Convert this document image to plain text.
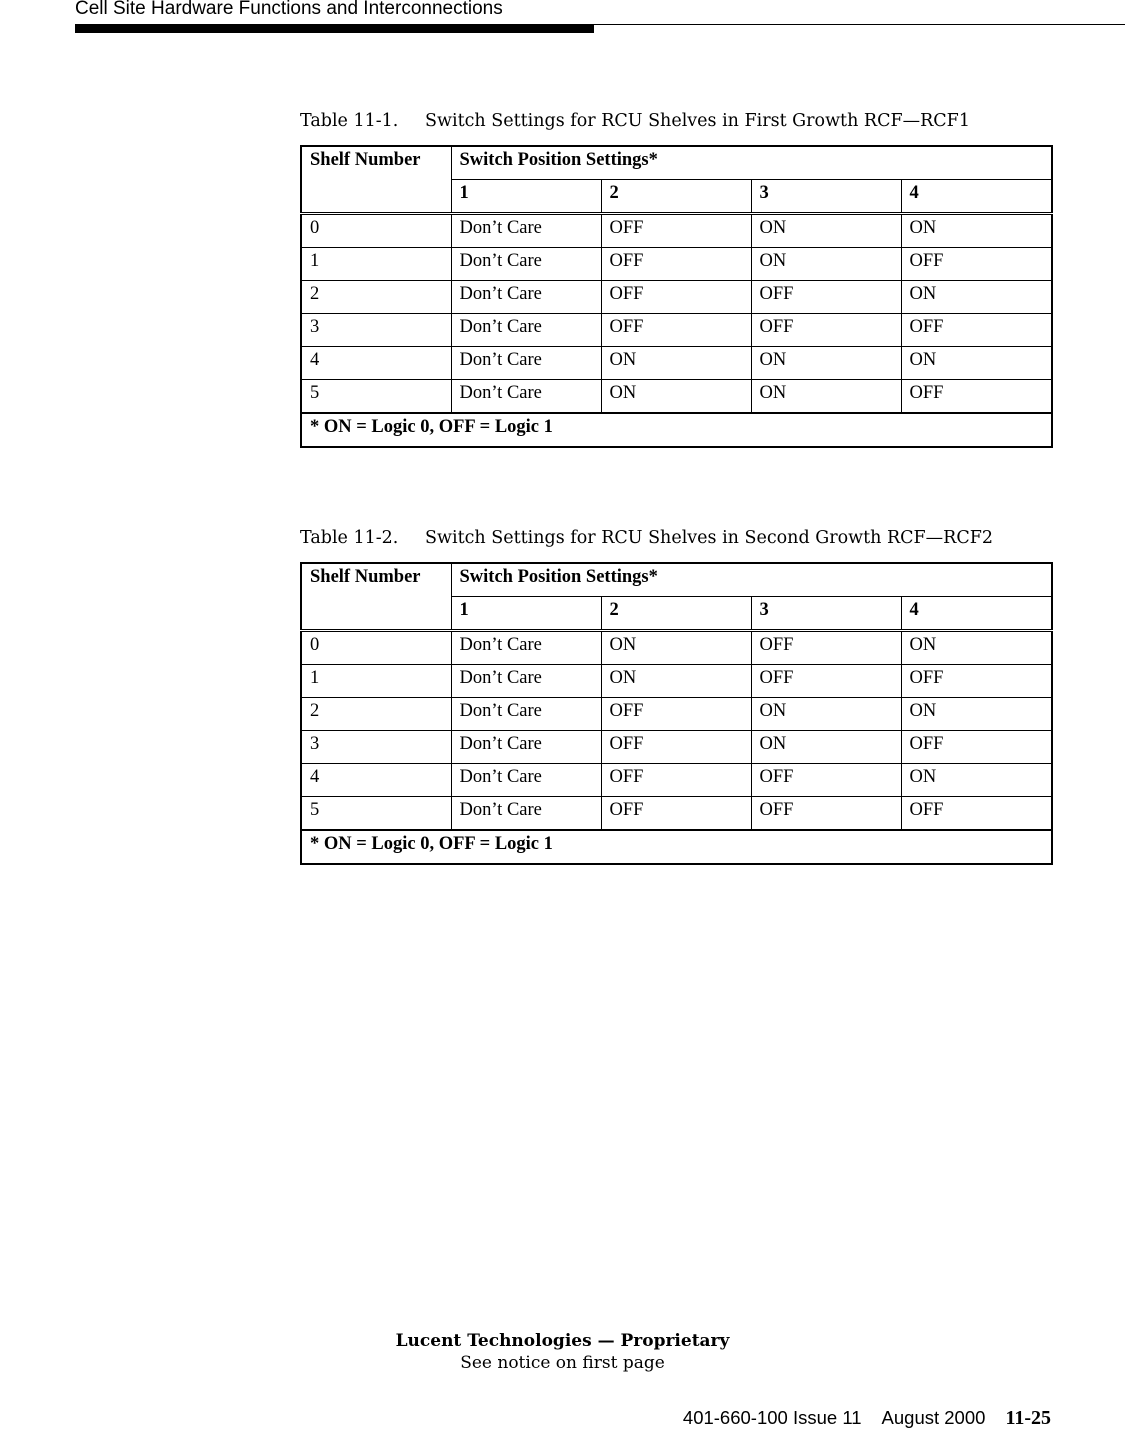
Cell Site Hardware Functions and Interconnections
Table 11-1. Switch Settings for RCU Shelves in First Growth RCF—RCF1
Shelf Number	Switch Position Settings*			
	1	2	3	4
0	Don’t Care	OFF	ON	ON
1	Don’t Care	OFF	ON	OFF
2	Don’t Care	OFF	OFF	ON
3	Don’t Care	OFF	OFF	OFF
4	Don’t Care	ON	ON	ON
5	Don’t Care	ON	ON	OFF
* ON = Logic 0, OFF = Logic 1				
Table 11-2. Switch Settings for RCU Shelves in Second Growth RCF—RCF2
Shelf Number	Switch Position Settings*			
	1	2	3	4
0	Don’t Care	ON	OFF	ON
1	Don’t Care	ON	OFF	OFF
2	Don’t Care	OFF	ON	ON
3	Don’t Care	OFF	ON	OFF
4	Don’t Care	OFF	OFF	ON
5	Don’t Care	OFF	OFF	OFF
* ON = Logic 0, OFF = Logic 1				
Lucent Technologies — Proprietary
See notice on first page
401-660-100 Issue 11 August 2000 11-25
